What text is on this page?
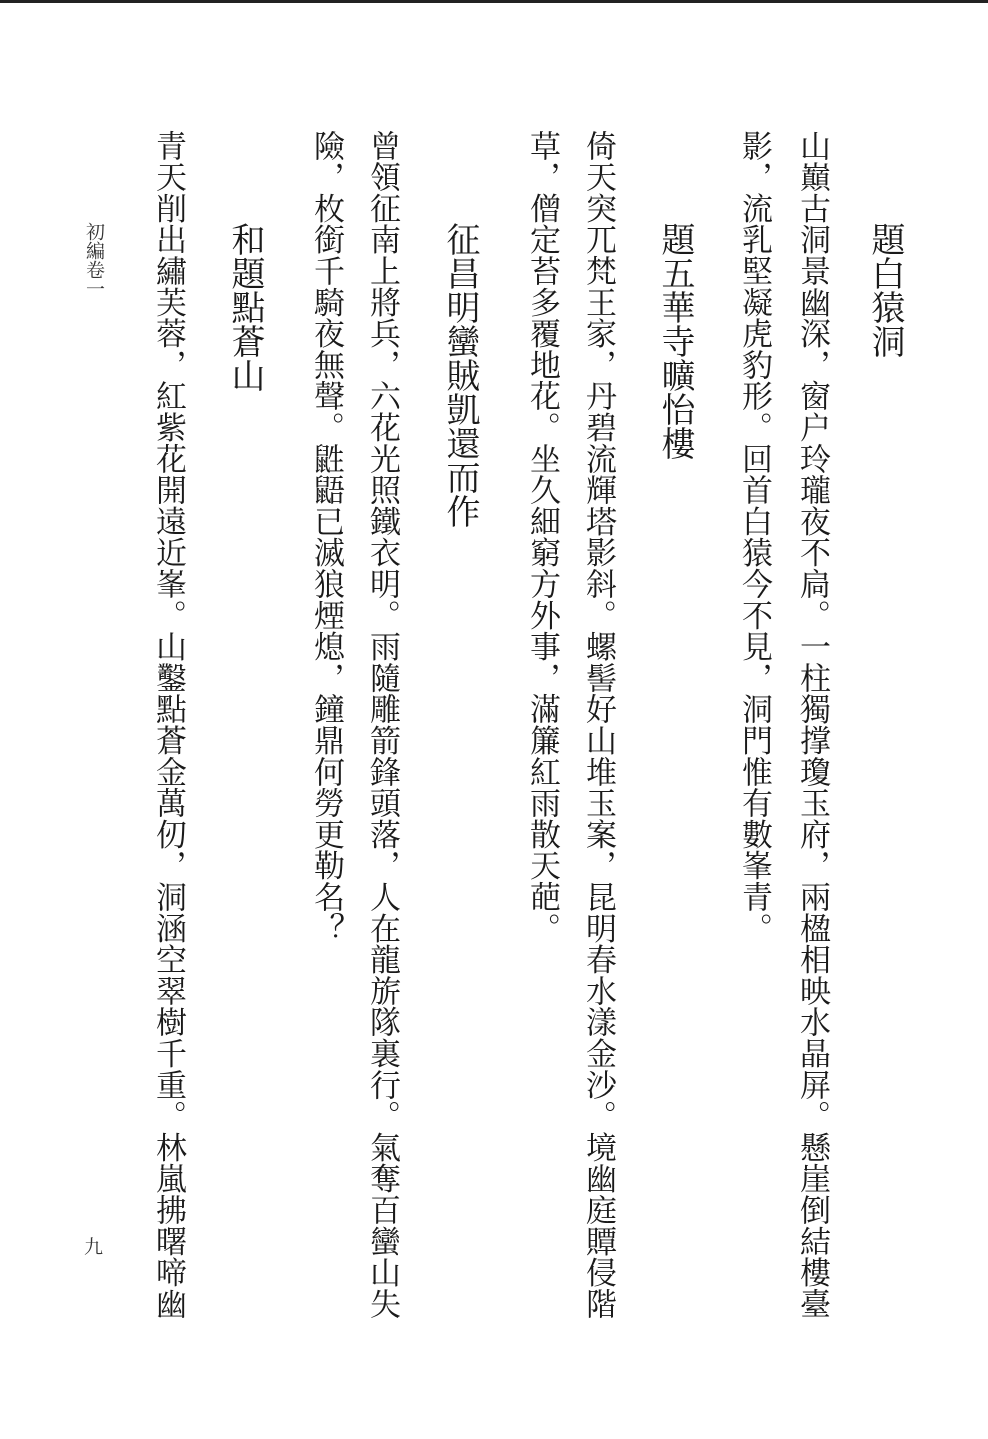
題白猿洞
山巔古洞景幽深，窗户玲瓏夜不扃。一柱獨撑瓊玉府，兩楹相映水晶屏。懸崖倒結樓臺
影，流乳堅凝虎豹形。回首白猿今不見，洞門惟有數峯青。
題五華寺曠怡樓
倚天突兀梵王家，丹碧流輝塔影斜。螺髻好山堆玉案，昆明春水漾金沙。境幽庭贉侵階
草，僧定苔多覆地花。坐久細窮方外事，滿簾紅雨散天葩。
征昌明蠻賊凱還而作
曾領征南上將兵，六花光照鐵衣明。雨隨雕箭鋒頭落，人在龍旂隊裏行。氣奪百蠻山失
險，枚銜千騎夜無聲。鼪鼯已滅狼煙熄，鐘鼎何勞更勒名？
和題點蒼山
青天削出繡芙蓉，紅紫花開遠近峯。山鑿點蒼金萬仞，洞涵空翠樹千重。林嵐拂曙啼幽
初編卷一
九
